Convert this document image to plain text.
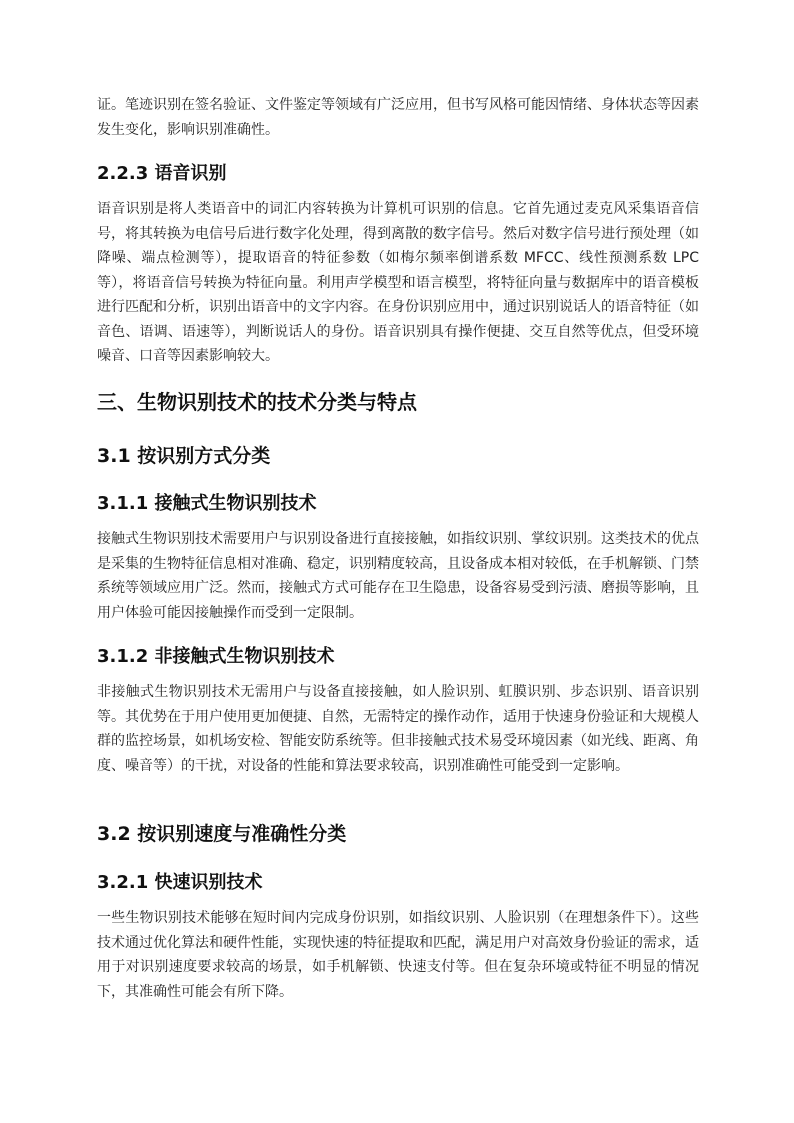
证。笔迹识别在签名验证、文件鉴定等领域有广泛应用，但书写风格可能因情绪、身体状态等因素发生变化，影响识别准确性。

2.2.3 语音识别

语音识别是将人类语音中的词汇内容转换为计算机可识别的信息。它首先通过麦克风采集语音信号，将其转换为电信号后进行数字化处理，得到离散的数字信号。然后对数字信号进行预处理（如降噪、端点检测等），提取语音的特征参数（如梅尔频率倒谱系数 MFCC、线性预测系数 LPC 等），将语音信号转换为特征向量。利用声学模型和语言模型，将特征向量与数据库中的语音模板进行匹配和分析，识别出语音中的文字内容。在身份识别应用中，通过识别说话人的语音特征（如音色、语调、语速等），判断说话人的身份。语音识别具有操作便捷、交互自然等优点，但受环境噪音、口音等因素影响较大。

三、生物识别技术的技术分类与特点
3.1 按识别方式分类
3.1.1 接触式生物识别技术

接触式生物识别技术需要用户与识别设备进行直接接触，如指纹识别、掌纹识别。这类技术的优点是采集的生物特征信息相对准确、稳定，识别精度较高，且设备成本相对较低，在手机解锁、门禁系统等领域应用广泛。然而，接触式方式可能存在卫生隐患，设备容易受到污渍、磨损等影响，且用户体验可能因接触操作而受到一定限制。

3.1.2 非接触式生物识别技术

非接触式生物识别技术无需用户与设备直接接触，如人脸识别、虹膜识别、步态识别、语音识别等。其优势在于用户使用更加便捷、自然，无需特定的操作动作，适用于快速身份验证和大规模人群的监控场景，如机场安检、智能安防系统等。但非接触式技术易受环境因素（如光线、距离、角度、噪音等）的干扰，对设备的性能和算法要求较高，识别准确性可能受到一定影响。

3.2 按识别速度与准确性分类
3.2.1 快速识别技术

一些生物识别技术能够在短时间内完成身份识别，如指纹识别、人脸识别（在理想条件下）。这些技术通过优化算法和硬件性能，实现快速的特征提取和匹配，满足用户对高效身份验证的需求，适用于对识别速度要求较高的场景，如手机解锁、快速支付等。但在复杂环境或特征不明显的情况下，其准确性可能会有所下降。
